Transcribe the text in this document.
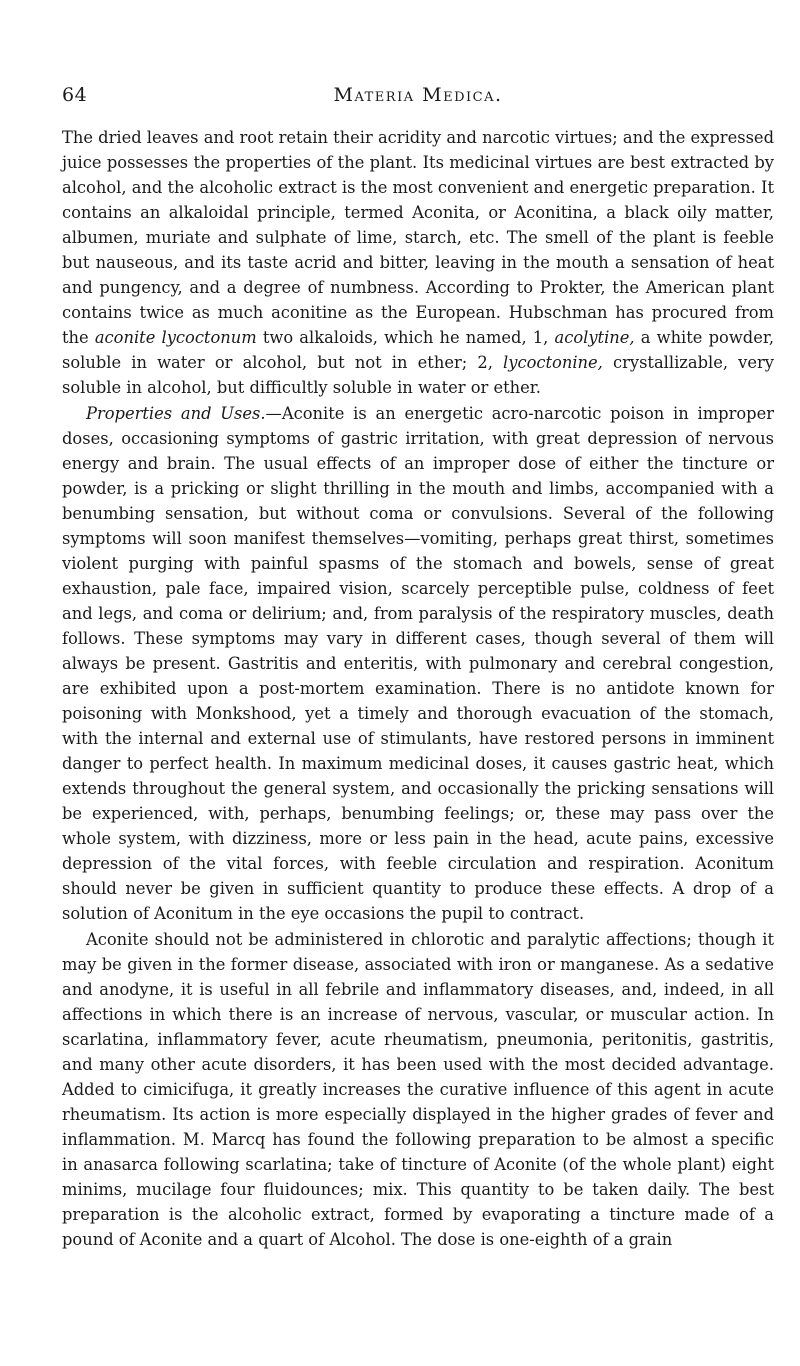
64	Materia Medica.

The dried leaves and root retain their acridity and narcotic virtues; and the expressed juice possesses the properties of the plant. Its medicinal virtues are best extracted by alcohol, and the alcoholic extract is the most convenient and energetic preparation. It contains an alkaloidal principle, termed Aconita, or Aconitina, a black oily matter, albumen, muriate and sulphate of lime, starch, etc. The smell of the plant is feeble but nauseous, and its taste acrid and bitter, leaving in the mouth a sensation of heat and pungency, and a degree of numbness. According to Prokter, the American plant contains twice as much aconitine as the European. Hubschman has procured from the aconite lycoctonum two alkaloids, which he named, 1, acolytine, a white powder, soluble in water or alcohol, but not in ether; 2, lycoctonine, crystallizable, very soluble in alcohol, but difficultly soluble in water or ether.

Properties and Uses.—Aconite is an energetic acro-narcotic poison in improper doses, occasioning symptoms of gastric irritation, with great depression of nervous energy and brain. The usual effects of an improper dose of either the tincture or powder, is a pricking or slight thrilling in the mouth and limbs, accompanied with a benumbing sensation, but without coma or convulsions. Several of the following symptoms will soon manifest themselves—vomiting, perhaps great thirst, sometimes violent purging with painful spasms of the stomach and bowels, sense of great exhaustion, pale face, impaired vision, scarcely perceptible pulse, coldness of feet and legs, and coma or delirium; and, from paralysis of the respiratory muscles, death follows. These symptoms may vary in different cases, though several of them will always be present. Gastritis and enteritis, with pulmonary and cerebral congestion, are exhibited upon a post-mortem examination. There is no antidote known for poisoning with Monkshood, yet a timely and thorough evacuation of the stomach, with the internal and external use of stimulants, have restored persons in imminent danger to perfect health. In maximum medicinal doses, it causes gastric heat, which extends throughout the general system, and occasionally the pricking sensations will be experienced, with, perhaps, benumbing feelings; or, these may pass over the whole system, with dizziness, more or less pain in the head, acute pains, excessive depression of the vital forces, with feeble circulation and respiration. Aconitum should never be given in sufficient quantity to produce these effects. A drop of a solution of Aconitum in the eye occasions the pupil to contract.

Aconite should not be administered in chlorotic and paralytic affections; though it may be given in the former disease, associated with iron or manganese. As a sedative and anodyne, it is useful in all febrile and inflammatory diseases, and, indeed, in all affections in which there is an increase of nervous, vascular, or muscular action. In scarlatina, inflammatory fever, acute rheumatism, pneumonia, peritonitis, gastritis, and many other acute disorders, it has been used with the most decided advantage. Added to cimicifuga, it greatly increases the curative influence of this agent in acute rheumatism. Its action is more especially displayed in the higher grades of fever and inflammation. M. Marcq has found the following preparation to be almost a specific in anasarca following scarlatina; take of tincture of Aconite (of the whole plant) eight minims, mucilage four fluidounces; mix. This quantity to be taken daily. The best preparation is the alcoholic extract, formed by evaporating a tincture made of a pound of Aconite and a quart of Alcohol. The dose is one-eighth of a grain
